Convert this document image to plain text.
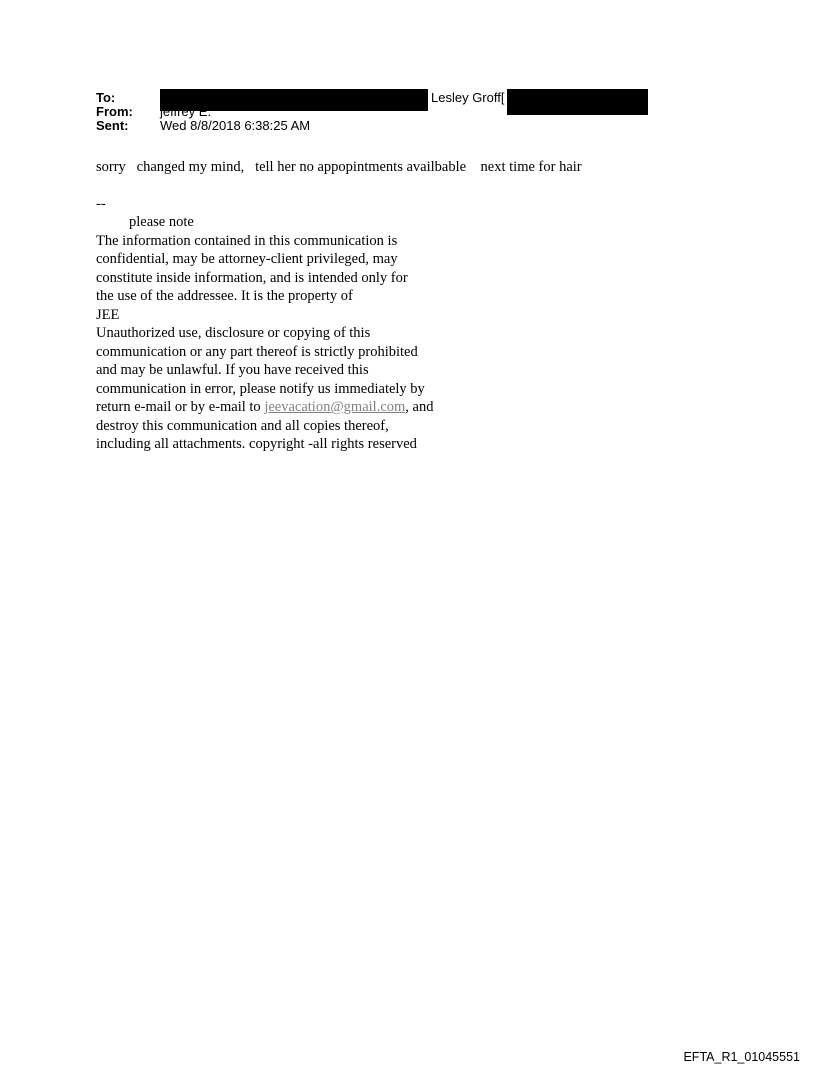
To:	Lesley Groff[
From: jeffrey E.
Sent: Wed 8/8/2018 6:38:25 AM

sorry   changed my mind,   tell her no appopintments availbable    next time for hair

--

please note

The information contained in this communication is

confidential, may be attorney-client privileged, may

constitute inside information, and is intended only for

the use of the addressee. It is the property of

JEE

Unauthorized use, disclosure or copying of this

communication or any part thereof is strictly prohibited

and may be unlawful. If you have received this

communication in error, please notify us immediately by

return e-mail or by e-mail to jeevacation@gmail.com, and

destroy this communication and all copies thereof,

including all attachments. copyright -all rights reserved

EFTA_R1_01045551
